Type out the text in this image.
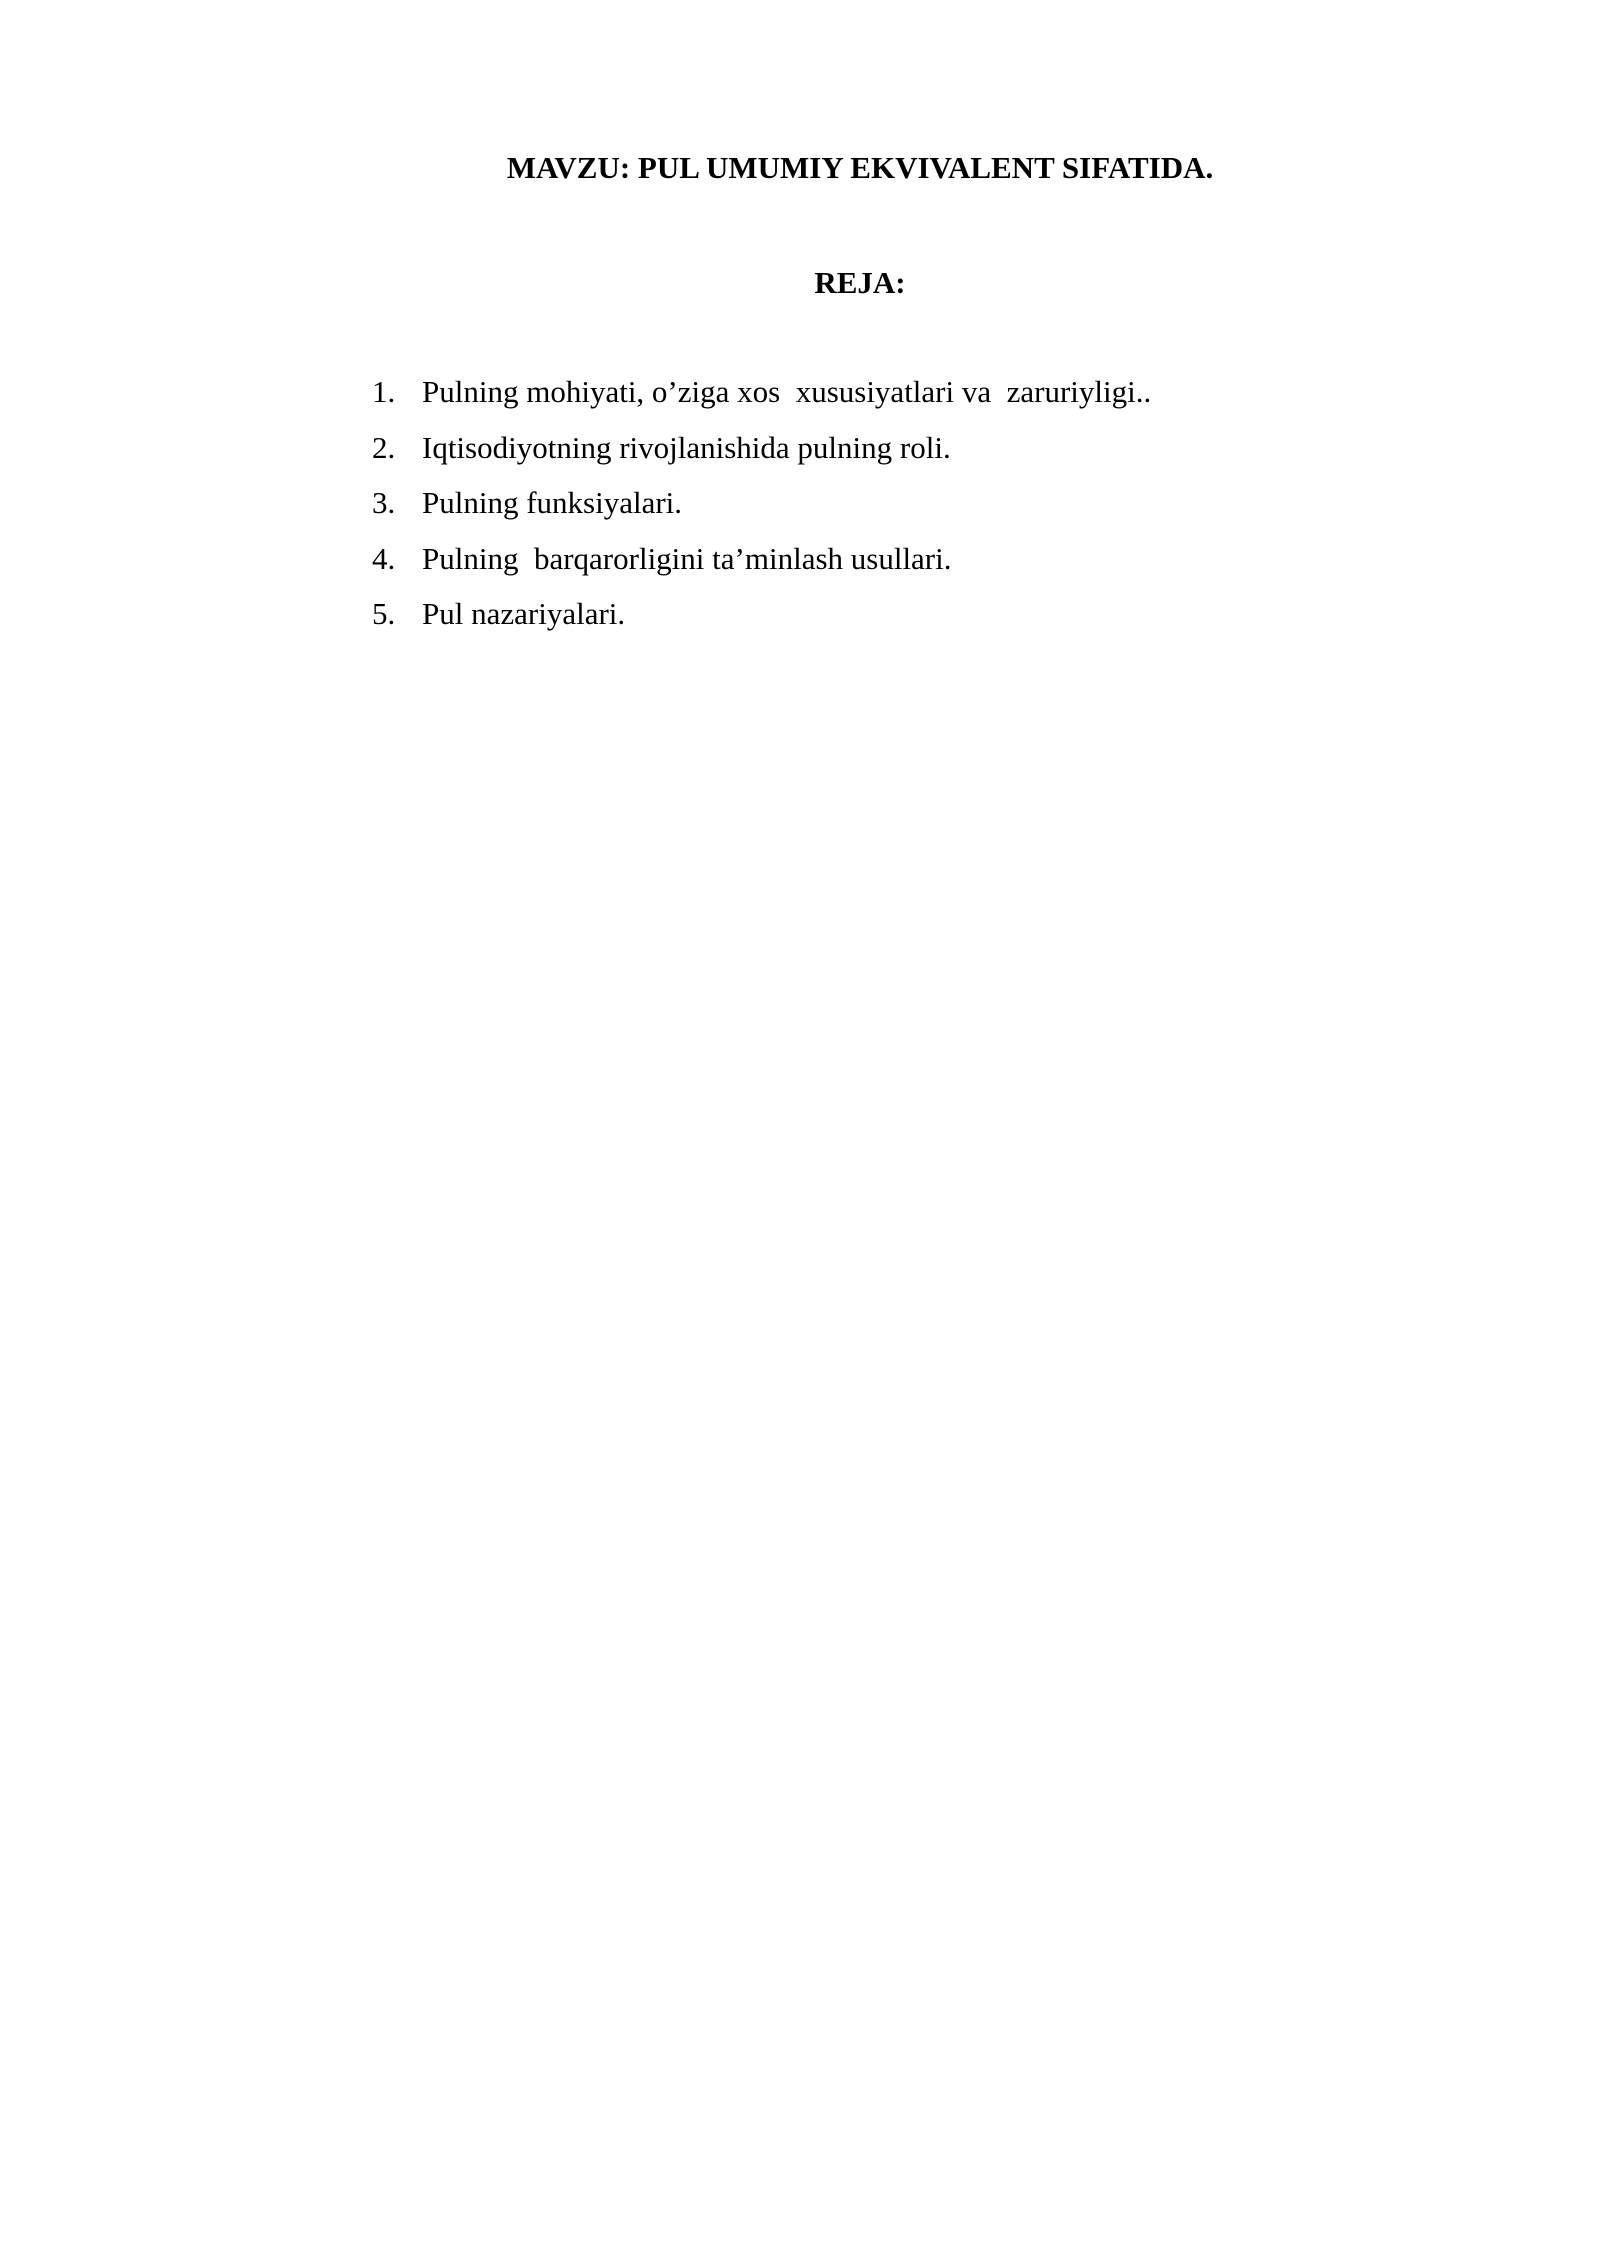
MAVZU: PUL UMUMIY EKVIVALENT SIFATIDA.
REJA:

1.

Pulning mohiyati, o’ziga xos  xususiyatlari va  zaruriyligi..

2.

Iqtisodiyotning rivojlanishida pulning roli.

3.

Pulning funksiyalari.

4.

Pulning  barqarorligini ta’minlash usullari.

5.

Pul nazariyalari.
